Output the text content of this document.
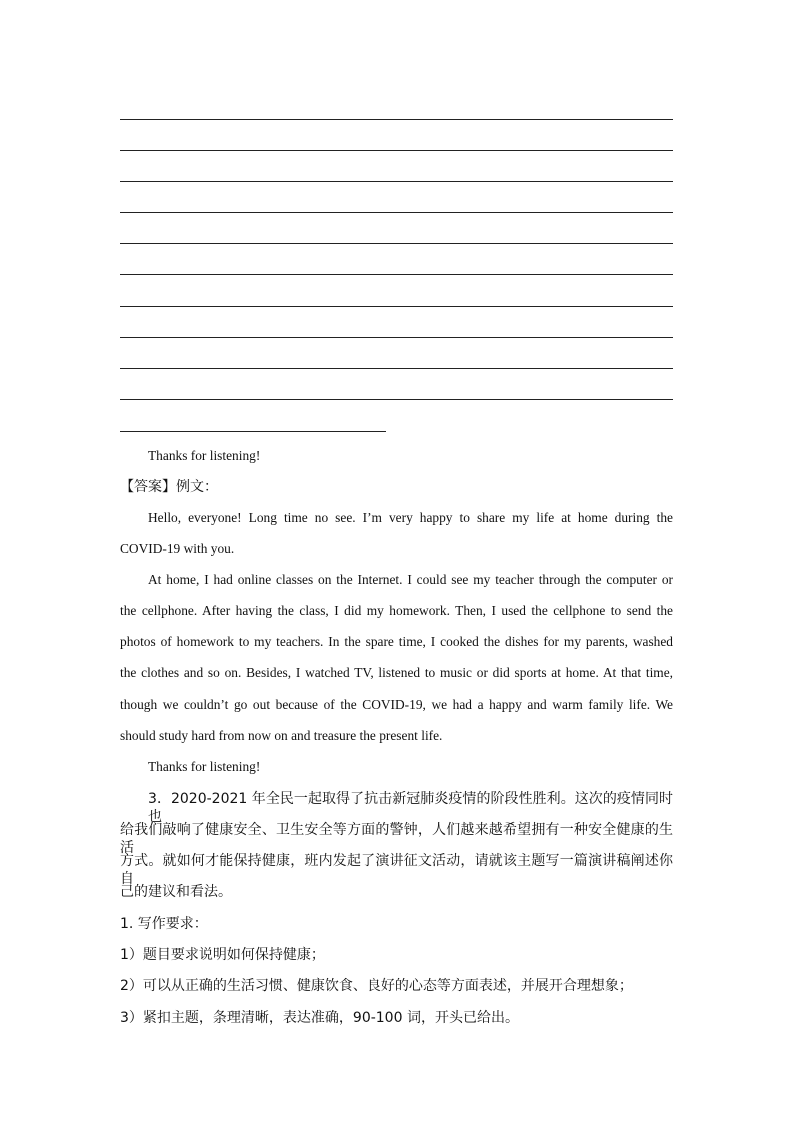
Thanks for listening!
【答案】例文：
Hello, everyone! Long time no see. I’m very happy to share my life at home during the
COVID-19 with you.
At home, I had online classes on the Internet. I could see my teacher through the computer or
the cellphone. After having the class, I did my homework. Then, I used the cellphone to send the
photos of homework to my teachers. In the spare time, I cooked the dishes for my parents, washed
the clothes and so on. Besides, I watched TV, listened to music or did sports at home. At that time,
though we couldn’t go out because of the COVID-19, we had a happy and warm family life. We
should study hard from now on and treasure the present life.
Thanks for listening!
3．2020-2021 年全民一起取得了抗击新冠肺炎疫情的阶段性胜利。这次的疫情同时也
给我们敲响了健康安全、卫生安全等方面的警钟，人们越来越希望拥有一种安全健康的生活
方式。就如何才能保持健康，班内发起了演讲征文活动，请就该主题写一篇演讲稿阐述你自
己的建议和看法。
1. 写作要求：
1）题目要求说明如何保持健康；
2）可以从正确的生活习惯、健康饮食、良好的心态等方面表述，并展开合理想象；
3）紧扣主题，条理清晰，表达准确，90-100 词，开头已给出。
